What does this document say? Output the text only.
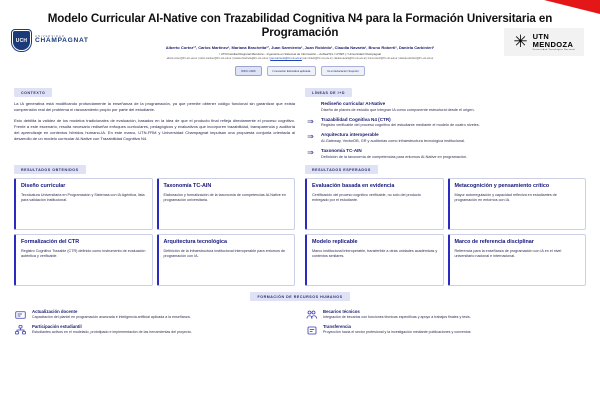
UCH
UNIVERSIDAD
CHAMPAGNAT	✳ UTN
MENDOZA
Universidad Tecnológica Nacional
Modelo Curricular AI-Native con Trazabilidad Cognitiva N4 para la Formación Universitaria en Programación
Alberto Cortez¹², Carlos Martínez¹, Mariana Brachetta¹², Juan Sarmiento¹, Juan Robledo¹, Claudia Navarta¹, Bruno Roberti¹, Daniela Carbinieri¹
¹ UTN Facultad Regional Mendoza – Ingeniería en Sistemas de Información – AuNeaTics / LITAPI | ² Universidad Champagnat
alberto.cortez@frm.utn.edu.ar | carlos.martinez@frm.utn.edu.ar | mariana.brachetta@frm.utn.edu.ar | juan.sarmiento@frm.utn.edu.ar juan.robledo@frm.utn.edu.ar | claudia.navarta@frm.utn.edu.ar | bruno.roberti@frm.utn.edu.ar | daniela.carbinieri@frm.utn.edu.ar
WICC 2026	Innovación Educativa aplicada	IA en Educación Superior
CONTEXTO

La IA generativa está modificando profundamente la enseñanza de la programación, ya que permite obtener código funcional sin garantizar que exista comprensión real del problema ni razonamiento propio por parte del estudiante.

Esto debilita la validez de los modelos tradicionales de evaluación, basados en la idea de que el producto final refleja directamente el proceso cognitivo. Frente a este escenario, resulta necesario rediseñar enfoques curriculares, pedagógicos y evaluativos que incorporen trazabilidad, transparencia y auditoría del aprendizaje en contextos híbridos humano-IA. En este marco, UTN-FRM y Universidad Champagnat impulsan una propuesta conjunta orientada al desarrollo de un modelo curricular AI-Native con Trazabilidad Cognitiva N4.

LÍNEAS DE I+D
Rediseño curricular AI-Native
Diseño de planes de estudio que integran IA como componente estructural desde el origen.
⇒	Trazabilidad Cognitiva N4 (CTR)
Registro verificable del proceso cognitivo del estudiante mediante el modelo de cuatro niveles.
⇒	Arquitectura interoperable
AI-Gateway, VectorDB, GR y auditorías como infraestructura tecnológica institucional.
⇒	Taxonomía TC-AIN
Definición de la taxonomía de competencias para entornos AI-Native en programación.
RESULTADOS OBTENIDOS
Diseño curricular
Tecnicatura Universitaria en Programación y Sistemas con IA Agéntica, lista para validación institucional.
Taxonomía TC-AIN
Elaboración y formalización de la taxonomía de competencias AI-Native en programación universitaria.
Formalización del CTR
Registro Cognitivo Trazable (CTR) definido como instrumento de evaluación auténtica y verificable.
Arquitectura tecnológica
Definición de la infraestructura institucional interoperable para entornos de programación con IA.
RESULTADOS ESPERADOS
Evaluación basada en evidencia
Certificación del proceso cognitivo verificable, no solo del producto entregado por el estudiante.
Metacognición y pensamiento crítico
Mayor autorregulación y capacidad reflexiva en estudiantes de programación en entornos con IA.
Modelo replicable
Marco institucional interoperable, transferible a otras unidades académicas y contextos similares.
Marco de referencia disciplinar
Referencia para la enseñanza de programación con IA en el nivel universitario nacional e internacional.
FORMACIÓN DE RECURSOS HUMANOS
Actualización docente
Capacitación del plantel en programación avanzada e inteligencia artificial aplicada a la enseñanza.
Becarios técnicos
Integración de becarios con funciones técnicas específicas y apoyo a trabajos finales y tesis.
Participación estudiantil
Estudiantes activos en el modelado, prototipado e implementación de las herramientas del proyecto.
Transferencia
Proyección hacia el sector profesional y la investigación mediante publicaciones y convenios.
